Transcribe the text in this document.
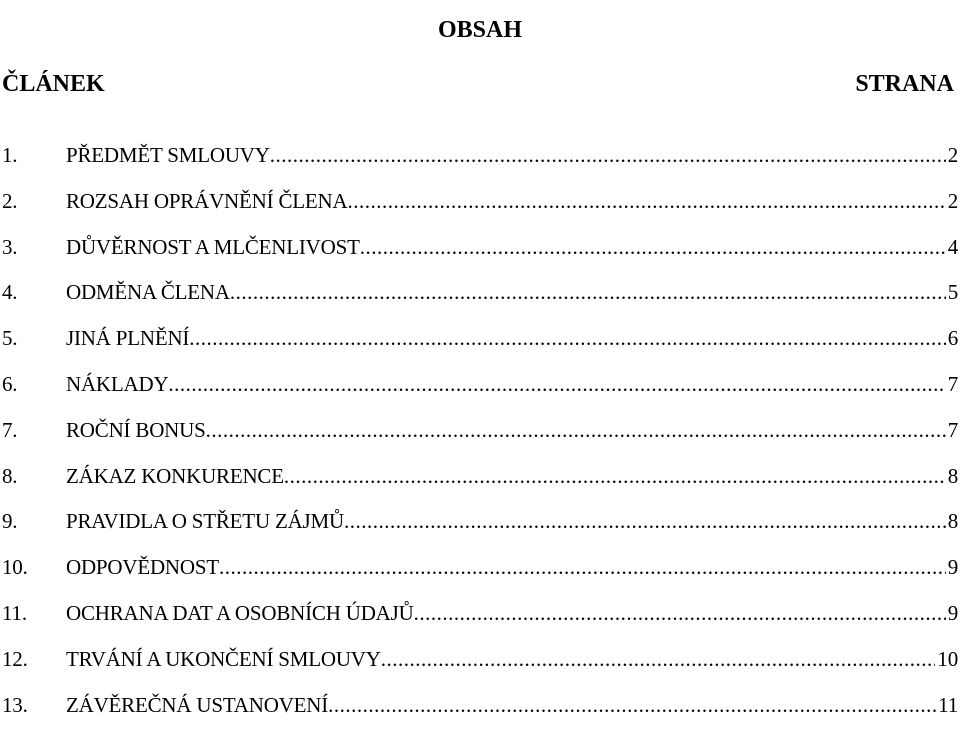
OBSAH
ČLÁNEK	STRANA
1.	PŘEDMĚT SMLOUVY .....	2
2.	ROZSAH OPRÁVNĚNÍ ČLENA .....	2
3.	DŮVĚRNOST A MLČENLIVOST .....	4
4.	ODMĚNA ČLENA .....	5
5.	JINÁ PLNĚNÍ .....	6
6.	NÁKLADY .....	7
7.	ROČNÍ BONUS .....	7
8.	ZÁKAZ KONKURENCE .....	8
9.	PRAVIDLA O STŘETU ZÁJMŮ .....	8
10.	ODPOVĚDNOST .....	9
11.	OCHRANA DAT A OSOBNÍCH ÚDAJŮ .....	9
12.	TRVÁNÍ A UKONČENÍ SMLOUVY .....	10
13.	ZÁVĚREČNÁ USTANOVENÍ .....	11
